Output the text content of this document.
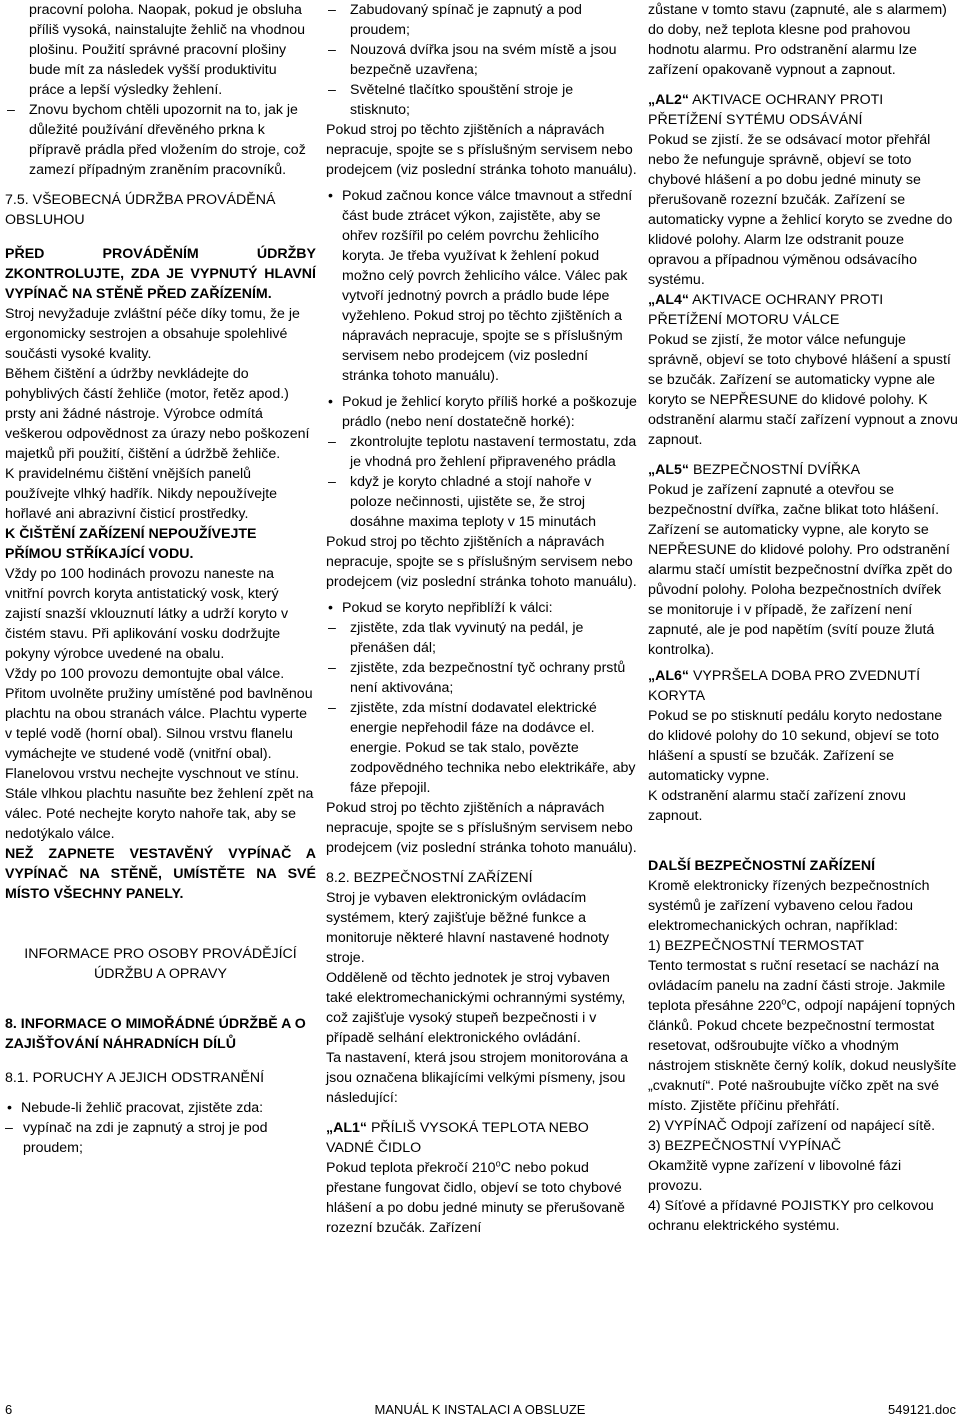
pracovní poloha. Naopak, pokud je obsluha příliš vysoká, nainstalujte žehlič na vhodnou plošinu. Použití správné pracovní plošiny bude mít za následek vyšší produktivitu práce a lepší výsledky žehlení.

– Znovu bychom chtěli upozornit na to, jak je důležité používání dřevěného prkna k přípravě prádla před vložením do stroje, což zamezí případným zraněním pracovníků.

7.5. VŠEOBECNÁ ÚDRŽBA PROVÁDĚNÁ OBSLUHOU

PŘED PROVÁDĚNÍM ÚDRŽBY ZKONTROLUJTE, ZDA JE VYPNUTÝ HLAVNÍ VYPÍNAČ NA STĚNĚ PŘED ZAŘÍZENÍM.

Stroj nevyžaduje zvláštní péče díky tomu, že je ergonomicky sestrojen a obsahuje spolehlivé součásti vysoké kvality.

Během čištění a údržby nevkládejte do pohyblivých částí žehliče (motor, řetěz apod.) prsty ani žádné nástroje. Výrobce odmítá veškerou odpovědnost za úrazy nebo poškození majetků při použití, čištění a údržbě žehliče.

K pravidelnému čištění vnějších panelů používejte vlhký hadřík. Nikdy nepoužívejte hořlavé ani abrazivní čisticí prostředky.

K ČIŠTĚNÍ ZAŘÍZENÍ NEPOUŽÍVEJTE PŘÍMOU STŘÍKAJÍCÍ VODU.

Vždy po 100 hodinách provozu naneste na vnitřní povrch koryta antistatický vosk, který zajistí snazší vklouznutí látky a udrží koryto v čistém stavu. Při aplikování vosku dodržujte pokyny výrobce uvedené na obalu.

Vždy po 100 provozu demontujte obal válce. Přitom uvolněte pružiny umístěné pod bavlněnou plachtu na obou stranách válce. Plachtu vyperte v teplé vodě (horní obal). Silnou vrstvu flanelu vymáchejte ve studené vodě (vnitřní obal). Flanelovou vrstvu nechejte vyschnout ve stínu. Stále vlhkou plachtu nasuňte bez žehlení zpět na válec. Poté nechejte koryto nahoře tak, aby se nedotýkalo válce.

NEŽ ZAPNETE VESTAVĚNÝ VYPÍNAČ A VYPÍNAČ NA STĚNĚ, UMÍSTĚTE NA SVÉ MÍSTO VŠECHNY PANELY.

INFORMACE PRO OSOBY PROVÁDĚJÍCÍ ÚDRŽBU A OPRAVY

8. INFORMACE O MIMOŘÁDNÉ ÚDRŽBĚ A O ZAJIŠŤOVÁNÍ NÁHRADNÍCH DÍLŮ

8.1. PORUCHY A JEJICH ODSTRANĚNÍ

• Nebude-li žehlič pracovat, zjistěte zda:

– vypínač na zdi je zapnutý a stroj je pod proudem;

– Zabudovaný spínač je zapnutý a pod proudem;

– Nouzová dvířka jsou na svém místě a jsou bezpečně uzavřena;

– Světelné tlačítko spouštění stroje je stisknuto;

Pokud stroj po těchto zjištěních a nápravách nepracuje, spojte se s příslušným servisem nebo prodejcem (viz poslední stránka tohoto manuálu).

• Pokud začnou konce válce tmavnout a střední část bude ztrácet výkon, zajistěte, aby se ohřev rozšířil po celém povrchu žehlicího koryta. Je třeba využívat k žehlení pokud možno celý povrch žehlicího válce. Válec pak vytvoří jednotný povrch a prádlo bude lépe vyžehleno. Pokud stroj po těchto zjištěních a nápravách nepracuje, spojte se s příslušným servisem nebo prodejcem (viz poslední stránka tohoto manuálu).

• Pokud je žehlicí koryto příliš horké a poškozuje prádlo (nebo není dostatečně horké):

– zkontrolujte teplotu nastavení termostatu, zda je vhodná pro žehlení připraveného prádla

– když je koryto chladné a stojí nahoře v poloze nečinnosti, ujistěte se, že stroj dosáhne maxima teploty v 15 minutách

Pokud stroj po těchto zjištěních a nápravách nepracuje, spojte se s příslušným servisem nebo prodejcem (viz poslední stránka tohoto manuálu).

• Pokud se koryto nepřiblíží k válci:

– zjistěte, zda tlak vyvinutý na pedál, je přenášen dál;

– zjistěte, zda bezpečnostní tyč ochrany prstů není aktivována;

– zjistěte, zda místní dodavatel elektrické energie nepřehodil fáze na dodávce el. energie. Pokud se tak stalo, povězte zodpovědného technika nebo elektrikáře, aby fáze přepojil.

Pokud stroj po těchto zjištěních a nápravách nepracuje, spojte se s příslušným servisem nebo prodejcem (viz poslední stránka tohoto manuálu).

8.2. BEZPEČNOSTNÍ ZAŘÍZENÍ

Stroj je vybaven elektronickým ovládacím systémem, který zajišťuje běžné funkce a monitoruje některé hlavní nastavené hodnoty stroje.

Odděleně od těchto jednotek je stroj vybaven také elektromechanickými ochrannými systémy, což zajišťuje vysoký stupeň bezpečnosti i v případě selhání elektronického ovládání.

Ta nastavení, která jsou strojem monitorována a jsou označena blikajícími velkými písmeny, jsou následující:

„AL1“ PŘÍLIŠ VYSOKÁ TEPLOTA NEBO VADNÉ ČIDLO

Pokud teplota překročí 210$^o$C nebo pokud přestane fungovat čidlo, objeví se toto chybové hlášení a po dobu jedné minuty se přerušovaně rozezní bzučák. Zařízení

zůstane v tomto stavu (zapnuté, ale s alarmem) do doby, než teplota klesne pod prahovou hodnotu alarmu. Pro odstranění alarmu lze zařízení opakovaně vypnout a zapnout.

„AL2“ AKTIVACE OCHRANY PROTI PŘETÍŽENÍ SYTÉMU ODSÁVÁNÍ

Pokud se zjistí. že se odsávací motor přehřál nebo že nefunguje správně, objeví se toto chybové hlášení a po dobu jedné minuty se přerušovaně rozezní bzučák. Zařízení se automaticky vypne a žehlicí koryto se zvedne do klidové polohy. Alarm lze odstranit pouze opravou a případnou výměnou odsávacího systému.

„AL4“ AKTIVACE OCHRANY PROTI PŘETÍŽENÍ MOTORU VÁLCE

Pokud se zjistí, že motor válce nefunguje správně, objeví se toto chybové hlášení a spustí se bzučák. Zařízení se automaticky vypne ale koryto se NEPŘESUNE do klidové polohy. K odstranění alarmu stačí zařízení vypnout a znovu zapnout.

„AL5“ BEZPEČNOSTNÍ DVÍŘKA

Pokud je zařízení zapnuté a otevřou se bezpečnostní dvířka, začne blikat toto hlášení. Zařízení se automaticky vypne, ale koryto se NEPŘESUNE do klidové polohy. Pro odstranění alarmu stačí umístit bezpečnostní dvířka zpět do původní polohy. Poloha bezpečnostních dvířek se monitoruje i v případě, že zařízení není zapnuté, ale je pod napětím (svítí pouze žlutá kontrolka).

„AL6“ VYPRŠELA DOBA PRO ZVEDNUTÍ KORYTA

Pokud se po stisknutí pedálu koryto nedostane do klidové polohy do 10 sekund, objeví se toto hlášení a spustí se bzučák. Zařízení se automaticky vypne.

K odstranění alarmu stačí zařízení znovu zapnout.

DALŠÍ BEZPEČNOSTNÍ ZAŘÍZENÍ

Kromě elektronicky řízených bezpečnostních systémů je zařízení vybaveno celou řadou elektromechanických ochran, například:

1) BEZPEČNOSTNÍ TERMOSTAT

Tento termostat s ruční resetací se nachází na ovládacím panelu na zadní části stroje. Jakmile teplota přesáhne 220$^o$C, odpojí napájení topných článků. Pokud chcete bezpečnostní termostat resetovat, odšroubujte víčko a vhodným nástrojem stiskněte černý kolík, dokud neuslyšíte „cvaknutí“. Poté našroubujte víčko zpět na své místo. Zjistěte příčinu přehřátí.

2) VYPÍNAČ Odpojí zařízení od napájecí sítě.

3) BEZPEČNOSTNÍ VYPÍNAČ

Okamžitě vypne zařízení v libovolné fázi provozu.

4) Síťové a přídavné POJISTKY pro celkovou ochranu elektrického systému.

6	MANUÁL K INSTALACI A OBSLUZE	549121.doc
